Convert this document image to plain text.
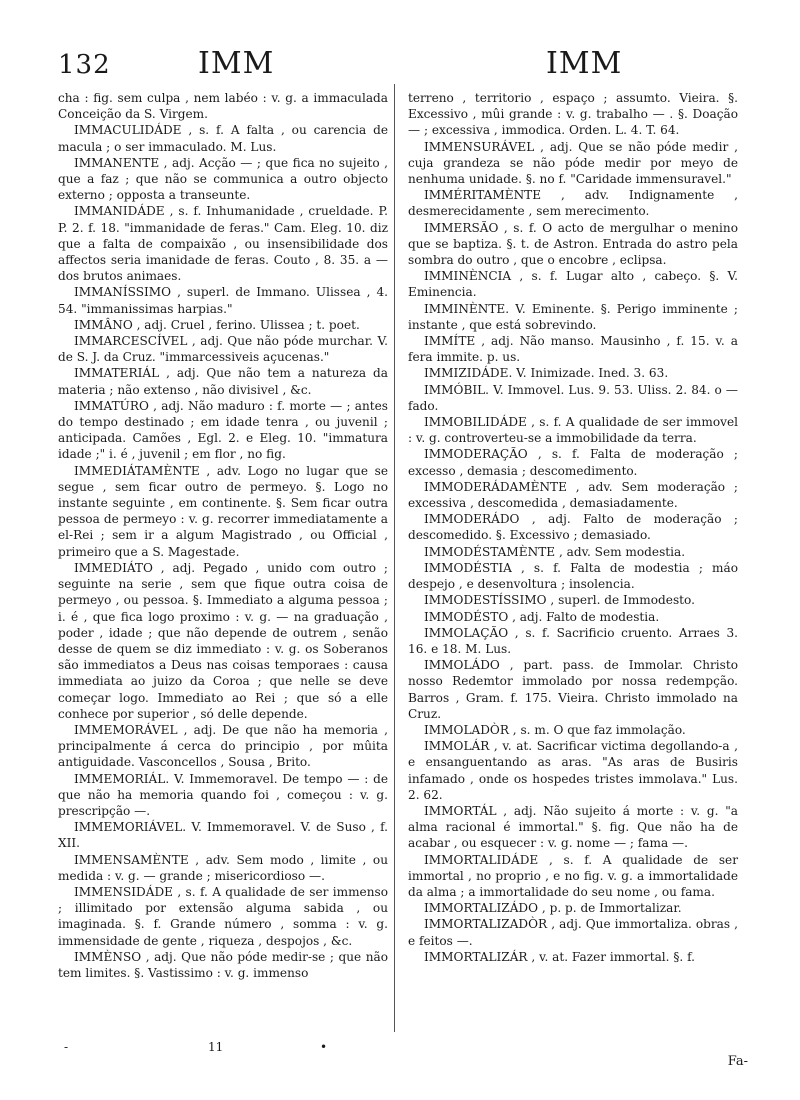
132	IMM	IMM

cha : fig. sem culpa , nem labéo : v. g. a immaculada Conceição da S. Virgem.

IMMACULIDÁDE , s. f. A falta , ou carencia de macula ; o ser immaculado. M. Lus.

IMMANENTE , adj. Acção — ; que fica no sujeito , que a faz ; que não se communica a outro objecto externo ; opposta a transeunte.

IMMANIDÁDE , s. f. Inhumanidade , crueldade. P. P. 2. f. 18. "immanidade de feras." Cam. Eleg. 10. diz que a falta de compaixão , ou insensibilidade dos affectos seria imanidade de feras. Couto , 8. 35. a — dos brutos animaes.

IMMANÍSSIMO , superl. de Immano. Ulissea , 4. 54. "immanissimas harpias."

IMMÂNO , adj. Cruel , ferino. Ulissea ; t. poet.

IMMARCESCÍVEL , adj. Que não póde murchar. V. de S. J. da Cruz. "immarcessiveis açucenas."

IMMATERIÁL , adj. Que não tem a natureza da materia ; não extenso , não divisivel , &c.

IMMATÚRO , adj. Não maduro : f. morte — ; antes do tempo destinado ; em idade tenra , ou juvenil ; anticipada. Camões , Egl. 2. e Eleg. 10. "immatura idade ;" i. é , juvenil ; em flor , no fig.

IMMEDIÁTAMÈNTE , adv. Logo no lugar que se segue , sem ficar outro de permeyo. §. Logo no instante seguinte , em continente. §. Sem ficar outra pessoa de permeyo : v. g. recorrer immediatamente a el-Rei ; sem ir a algum Magistrado , ou Official , primeiro que a S. Magestade.

IMMEDIÁTO , adj. Pegado , unido com outro ; seguinte na serie , sem que fique outra coisa de permeyo , ou pessoa. §. Immediato a alguma pessoa ; i. é , que fica logo proximo : v. g. — na graduação , poder , idade ; que não depende de outrem , senão desse de quem se diz immediato : v. g. os Soberanos são immediatos a Deus nas coisas temporaes : causa immediata ao juizo da Coroa ; que nelle se deve começar logo. Immediato ao Rei ; que só a elle conhece por superior , só delle depende.

IMMEMORÁVEL , adj. De que não ha memoria , principalmente á cerca do principio , por mûita antiguidade. Vasconcellos , Sousa , Brito.

IMMEMORIÁL. V. Immemoravel. De tempo — : de que não ha memoria quando foi , começou : v. g. prescripção —.

IMMEMORIÁVEL. V. Immemoravel. V. de Suso , f. XII.

IMMENSAMÈNTE , adv. Sem modo , limite , ou medida : v. g. — grande ; misericordioso —.

IMMENSIDÁDE , s. f. A qualidade de ser immenso ; illimitado por extensão alguma sabida , ou imaginada. §. f. Grande número , somma : v. g. immensidade de gente , riqueza , despojos , &c.

IMMÈNSO , adj. Que não póde medir-se ; que não tem limites. §. Vastissimo : v. g. immenso

terreno , territorio , espaço ; assumto. Vieira. §. Excessivo , mûi grande : v. g. trabalho — . §. Doação — ; excessiva , immodica. Orden. L. 4. T. 64.

IMMENSURÁVEL , adj. Que se não póde medir , cuja grandeza se não póde medir por meyo de nenhuma unidade. §. no f. "Caridade immensuravel."

IMMÉRITAMÈNTE , adv. Indignamente , desmerecidamente , sem merecimento.

IMMERSÃO , s. f. O acto de mergulhar o menino que se baptiza. §. t. de Astron. Entrada do astro pela sombra do outro , que o encobre , eclipsa.

IMMINÈNCIA , s. f. Lugar alto , cabeço. §. V. Eminencia.

IMMINÈNTE. V. Eminente. §. Perigo imminente ; instante , que está sobrevindo.

IMMÍTE , adj. Não manso. Mausinho , f. 15. v. a fera immite. p. us.

IMMIZIDÁDE. V. Inimizade. Ined. 3. 63.

IMMÓBIL. V. Immovel. Lus. 9. 53. Uliss. 2. 84. o — fado.

IMMOBILIDÁDE , s. f. A qualidade de ser immovel : v. g. controverteu-se a immobilidade da terra.

IMMODERAÇÃO , s. f. Falta de moderação ; excesso , demasia ; descomedimento.

IMMODERÁDAMÈNTE , adv. Sem moderação ; excessiva , descomedida , demasiadamente.

IMMODERÁDO , adj. Falto de moderação ; descomedido. §. Excessivo ; demasiado.

IMMODÉSTAMÈNTE , adv. Sem modestia.

IMMODÉSTIA , s. f. Falta de modestia ; máo despejo , e desenvoltura ; insolencia.

IMMODESTÍSSIMO , superl. de Immodesto.

IMMODÉSTO , adj. Falto de modestia.

IMMOLAÇÃO , s. f. Sacrificio cruento. Arraes 3. 16. e 18. M. Lus.

IMMOLÁDO , part. pass. de Immolar. Christo nosso Redemtor immolado por nossa redempção. Barros , Gram. f. 175. Vieira. Christo immolado na Cruz.

IMMOLADÒR , s. m. O que faz immolação.

IMMOLÁR , v. at. Sacrificar victima degollando-a , e ensanguentando as aras. "As aras de Busiris infamado , onde os hospedes tristes immolava." Lus. 2. 62.

IMMORTÁL , adj. Não sujeito á morte : v. g. "a alma racional é immortal." §. fig. Que não ha de acabar , ou esquecer : v. g. nome — ; fama —.

IMMORTALIDÁDE , s. f. A qualidade de ser immortal , no proprio , e no fig. v. g. a immortalidade da alma ; a immortalidade do seu nome , ou fama.

IMMORTALIZÁDO , p. p. de Immortalizar.

IMMORTALIZADÒR , adj. Que immortaliza. obras , e feitos —.

IMMORTALIZÁR , v. at. Fazer immortal. §. f.

-	11	•
Fa-
